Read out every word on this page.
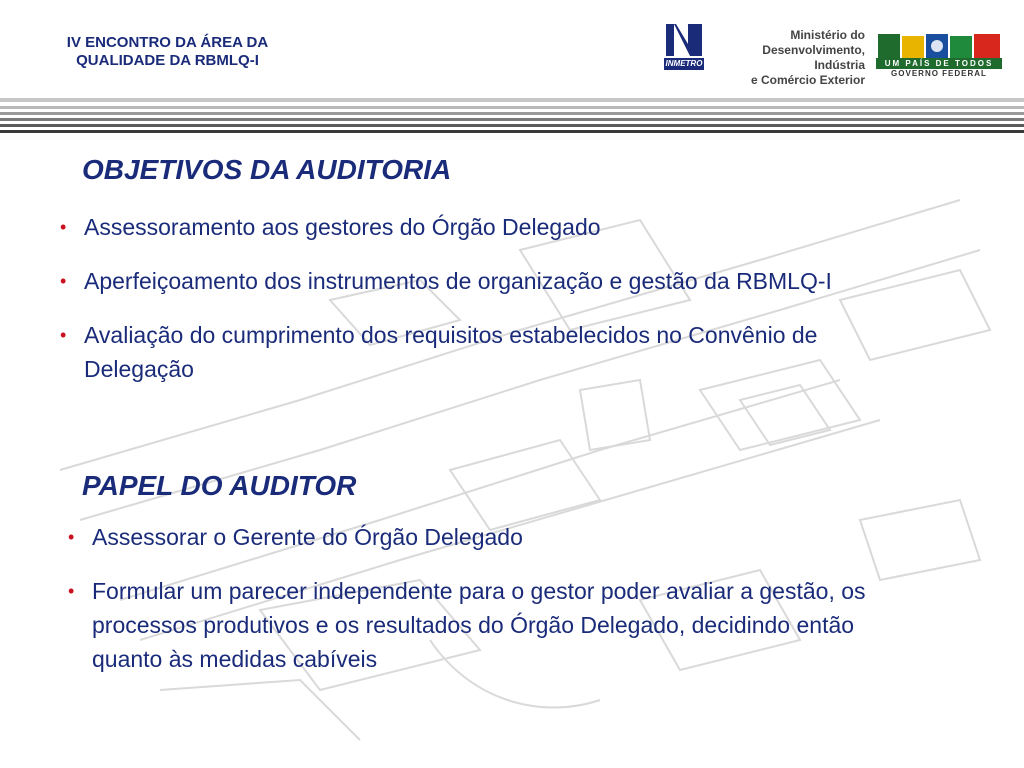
IV ENCONTRO DA ÁREA DA
QUALIDADE DA RBMLQ-I	INMETRO
Ministério do
Desenvolvimento, Indústria
e Comércio Exterior
UM PAÍS DE TODOS
GOVERNO FEDERAL
OBJETIVOS DA AUDITORIA
• Assessoramento aos gestores do Órgão Delegado
• Aperfeiçoamento dos instrumentos de organização e gestão da RBMLQ-I
• Avaliação do cumprimento dos requisitos estabelecidos no Convênio de Delegação
PAPEL DO AUDITOR
• Assessorar o Gerente do Órgão Delegado
• Formular um parecer independente para o gestor poder avaliar a gestão, os processos produtivos e os resultados do Órgão Delegado, decidindo então quanto às medidas cabíveis
